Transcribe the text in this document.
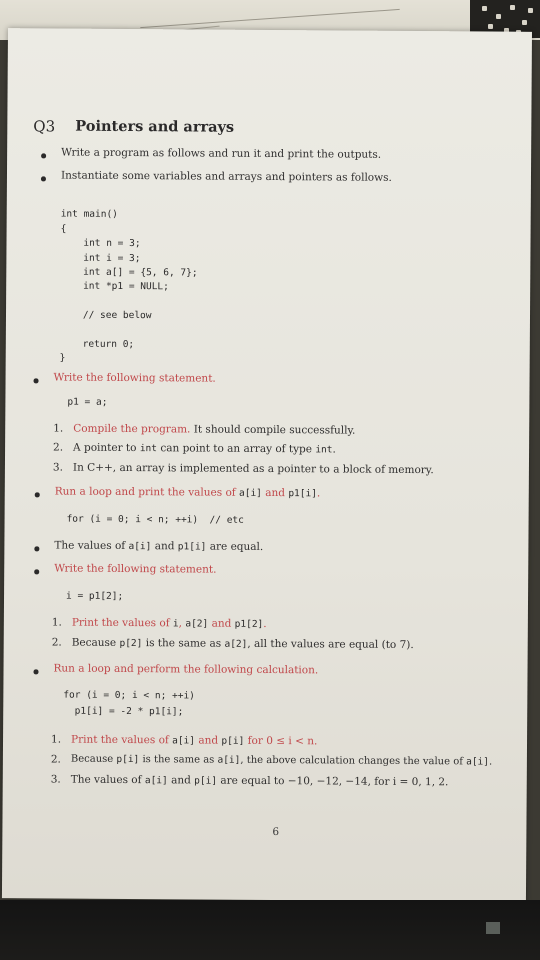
Q3 Pointers and arrays
Write a program as follows and run it and print the outputs.
Instantiate some variables and arrays and pointers as follows.

int main()
{
int n = 3;
int i = 3;
int a[] = {5, 6, 7};
int *p1 = NULL;

// see below

return 0;
}
Write the following statement.
p1 = a;
1. Compile the program. It should compile successfully.
2. A pointer to int can point to an array of type int.
3. In C++, an array is implemented as a pointer to a block of memory.
Run a loop and print the values of a[i] and p1[i].
for (i = 0; i < n; ++i)  // etc
The values of a[i] and p1[i] are equal.
Write the following statement.
i = p1[2];
1. Print the values of i, a[2] and p1[2].
2. Because p[2] is the same as a[2], all the values are equal (to 7).
Run a loop and perform the following calculation.
for (i = 0; i < n; ++i)
p1[i] = -2 * p1[i];
1. Print the values of a[i] and p[i] for 0 ≤ i < n.
2. Because p[i] is the same as a[i], the above calculation changes the value of a[i].
3. The values of a[i] and p[i] are equal to −10, −12, −14, for i = 0, 1, 2.
6
